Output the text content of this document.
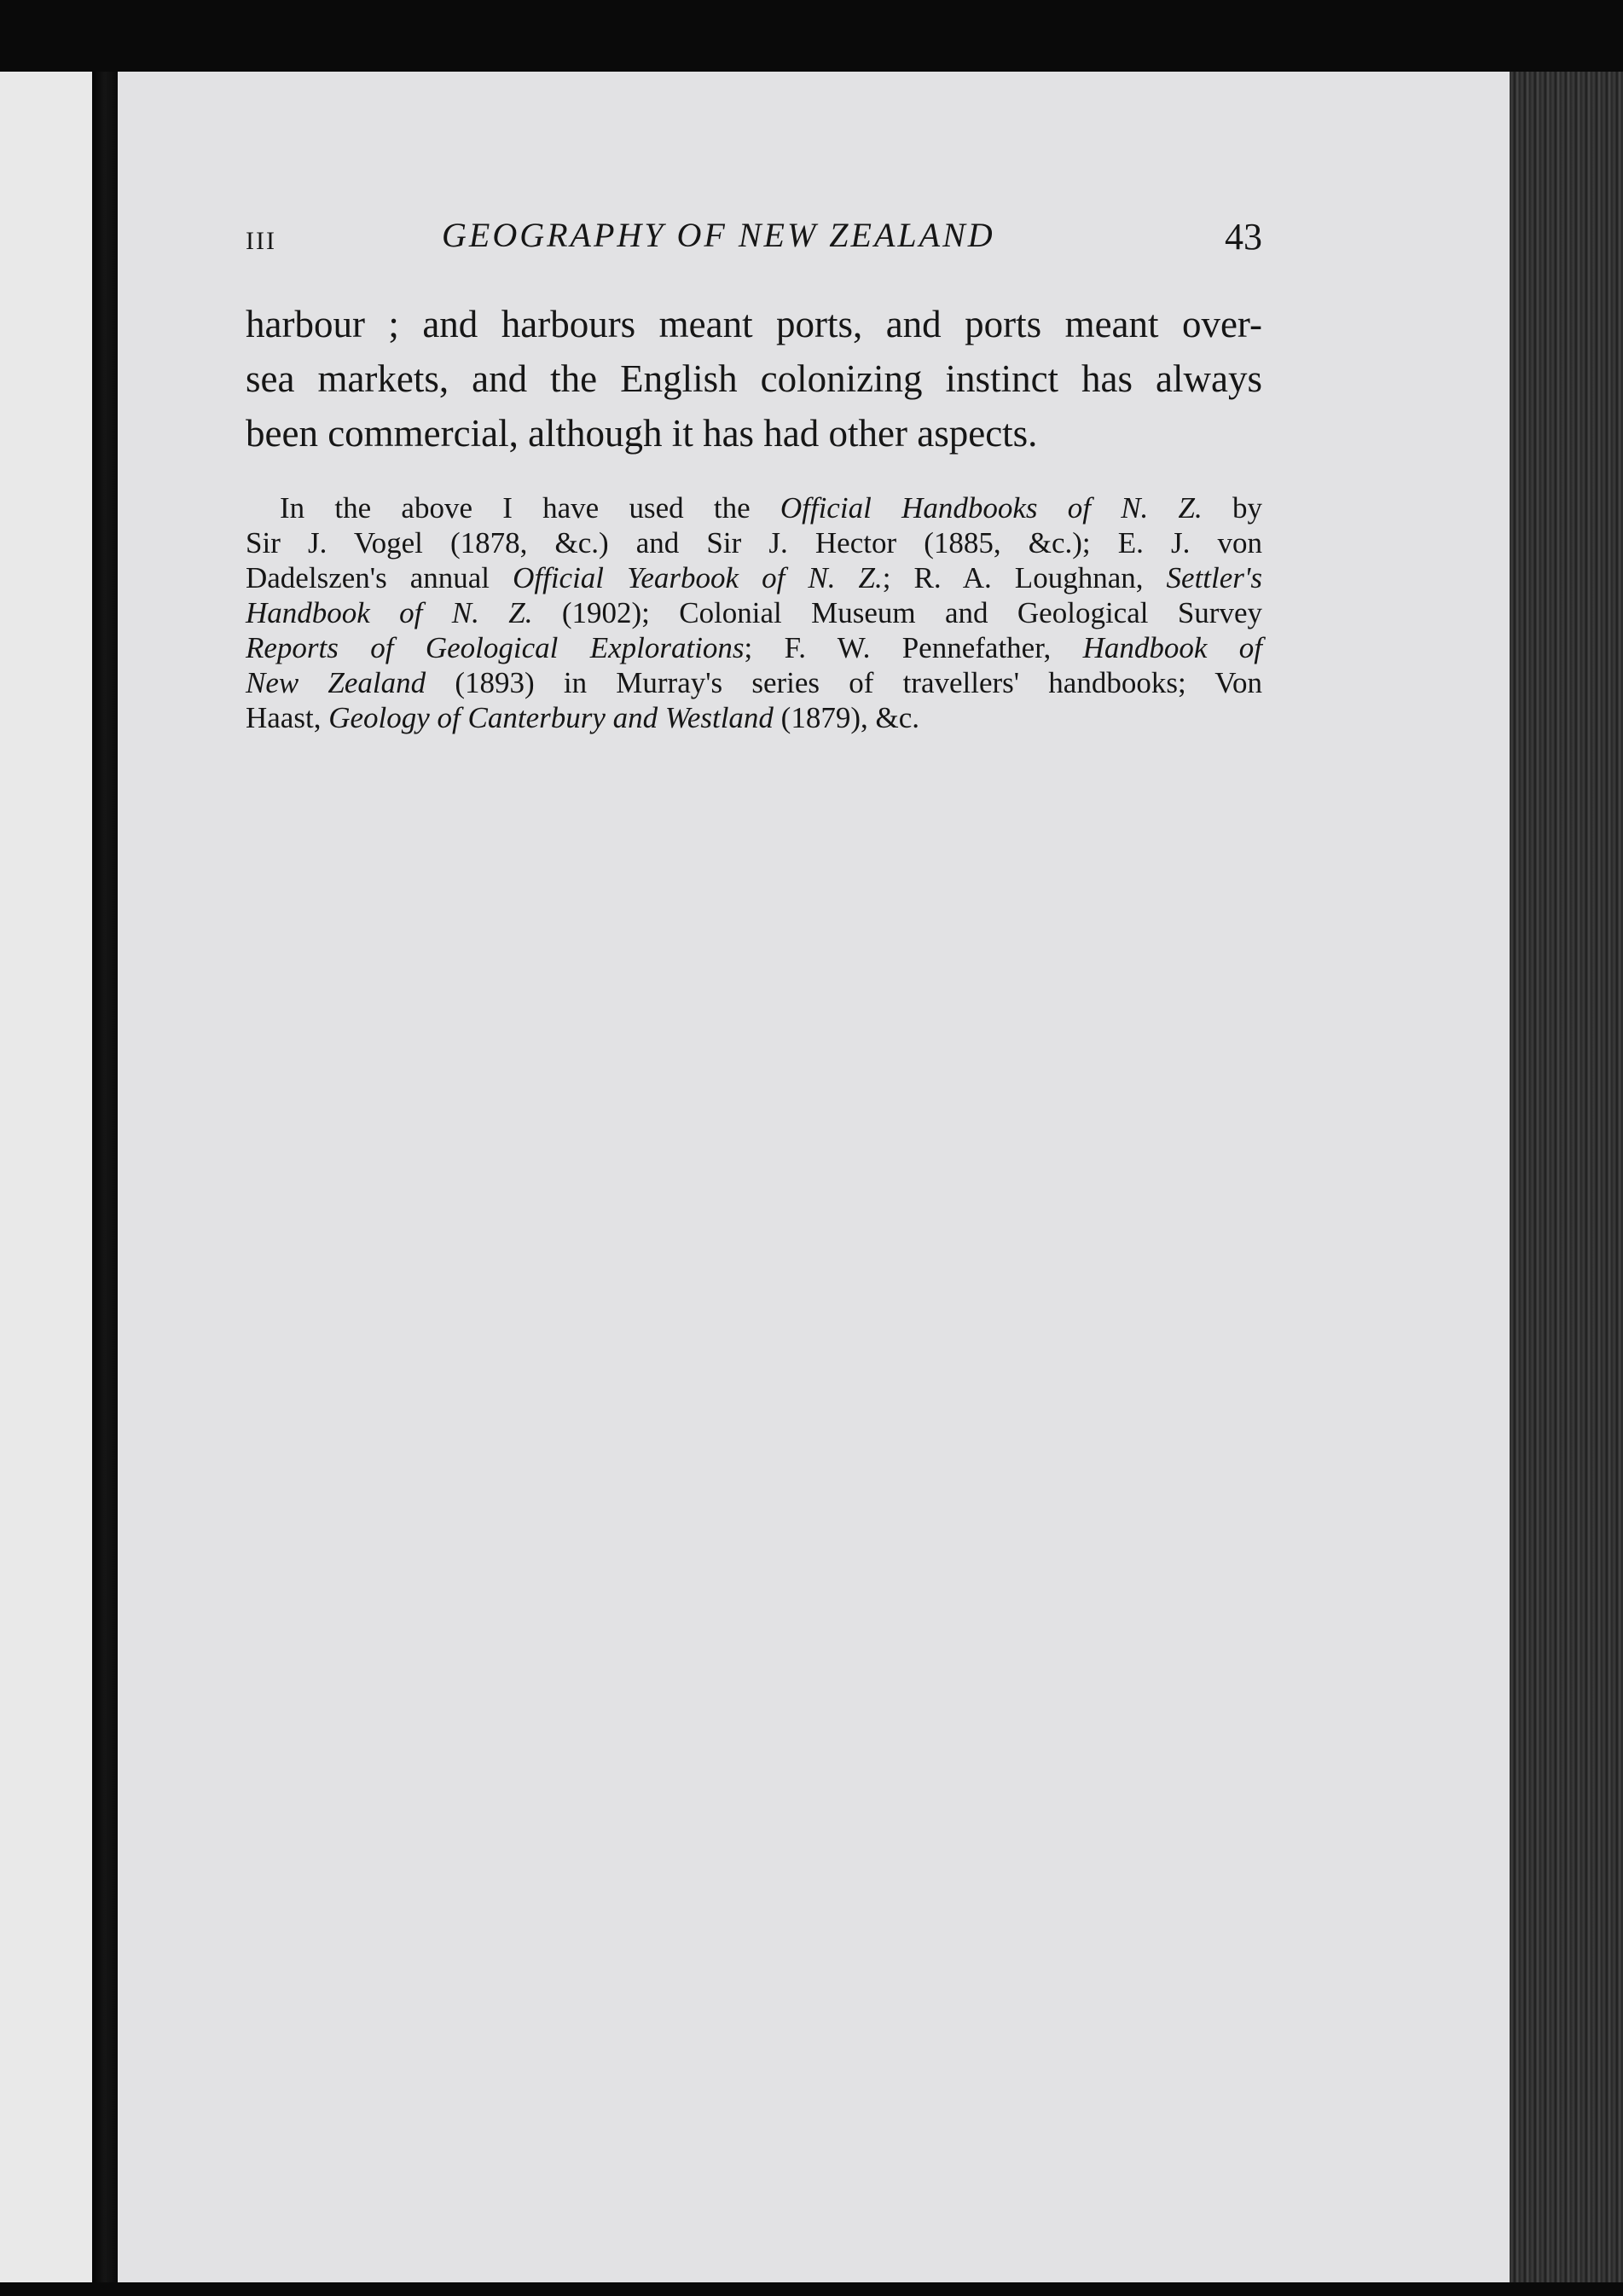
III	GEOGRAPHY OF NEW ZEALAND	43

harbour ; and harbours meant ports, and ports meant over-
sea markets, and the English colonizing instinct has always
been commercial, although it has had other aspects.

In the above I have used the Official Handbooks of N. Z. by
Sir J. Vogel (1878, &c.) and Sir J. Hector (1885, &c.); E. J. von
Dadelszen's annual Official Yearbook of N. Z.; R. A. Loughnan, Settler's
Handbook of N. Z. (1902); Colonial Museum and Geological Survey
Reports of Geological Explorations; F. W. Pennefather, Handbook of
New Zealand (1893) in Murray's series of travellers' handbooks; Von
Haast, Geology of Canterbury and Westland (1879), &c.
